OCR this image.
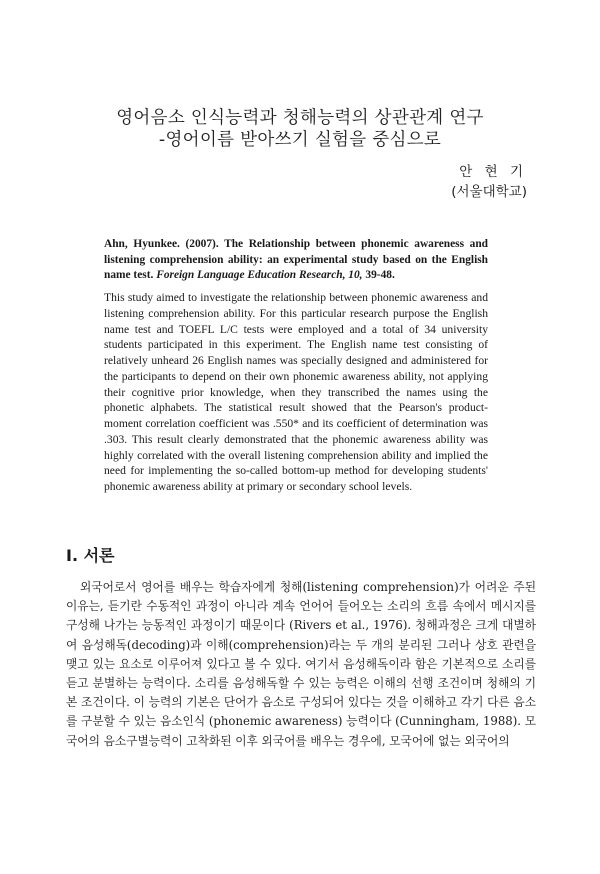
영어음소 인식능력과 청해능력의 상관관계 연구
-영어이름 받아쓰기 실험을 중심으로
안 현 기
(서울대학교)
Ahn, Hyunkee. (2007). The Relationship between phonemic awareness and listening comprehension ability: an experimental study based on the English name test. Foreign Language Education Research, 10, 39-48.
This study aimed to investigate the relationship between phonemic awareness and listening comprehension ability. For this particular research purpose the English name test and TOEFL L/C tests were employed and a total of 34 university students participated in this experiment. The English name test consisting of relatively unheard 26 English names was specially designed and administered for the participants to depend on their own phonemic awareness ability, not applying their cognitive prior knowledge, when they transcribed the names using the phonetic alphabets. The statistical result showed that the Pearson's product-moment correlation coefficient was .550* and its coefficient of determination was .303. This result clearly demonstrated that the phonemic awareness ability was highly correlated with the overall listening comprehension ability and implied the need for implementing the so-called bottom-up method for developing students' phonemic awareness ability at primary or secondary school levels.
I. 서론
외국어로서 영어를 배우는 학습자에게 청해(listening comprehension)가 어려운 주된 이유는, 듣기란 수동적인 과정이 아니라 계속 언어어 들어오는 소리의 흐름 속에서 메시지를 구성해 나가는 능동적인 과정이기 때문이다 (Rivers et al., 1976). 청해과정은 크게 대별하여 음성해독(decoding)과 이해(comprehension)라는 두 개의 분리된 그러나 상호 관련을 맺고 있는 요소로 이루어져 있다고 볼 수 있다. 여기서 음성해독이라 함은 기본적으로 소리를 듣고 분별하는 능력이다. 소리를 음성해독할 수 있는 능력은 이해의 선행 조건이며 청해의 기본 조건이다. 이 능력의 기본은 단어가 음소로 구성되어 있다는 것을 이해하고 각기 다른 음소를 구분할 수 있는 음소인식 (phonemic awareness) 능력이다 (Cunningham, 1988). 모국어의 음소구별능력이 고착화된 이후 외국어를 배우는 경우에, 모국어에 없는 외국어의
